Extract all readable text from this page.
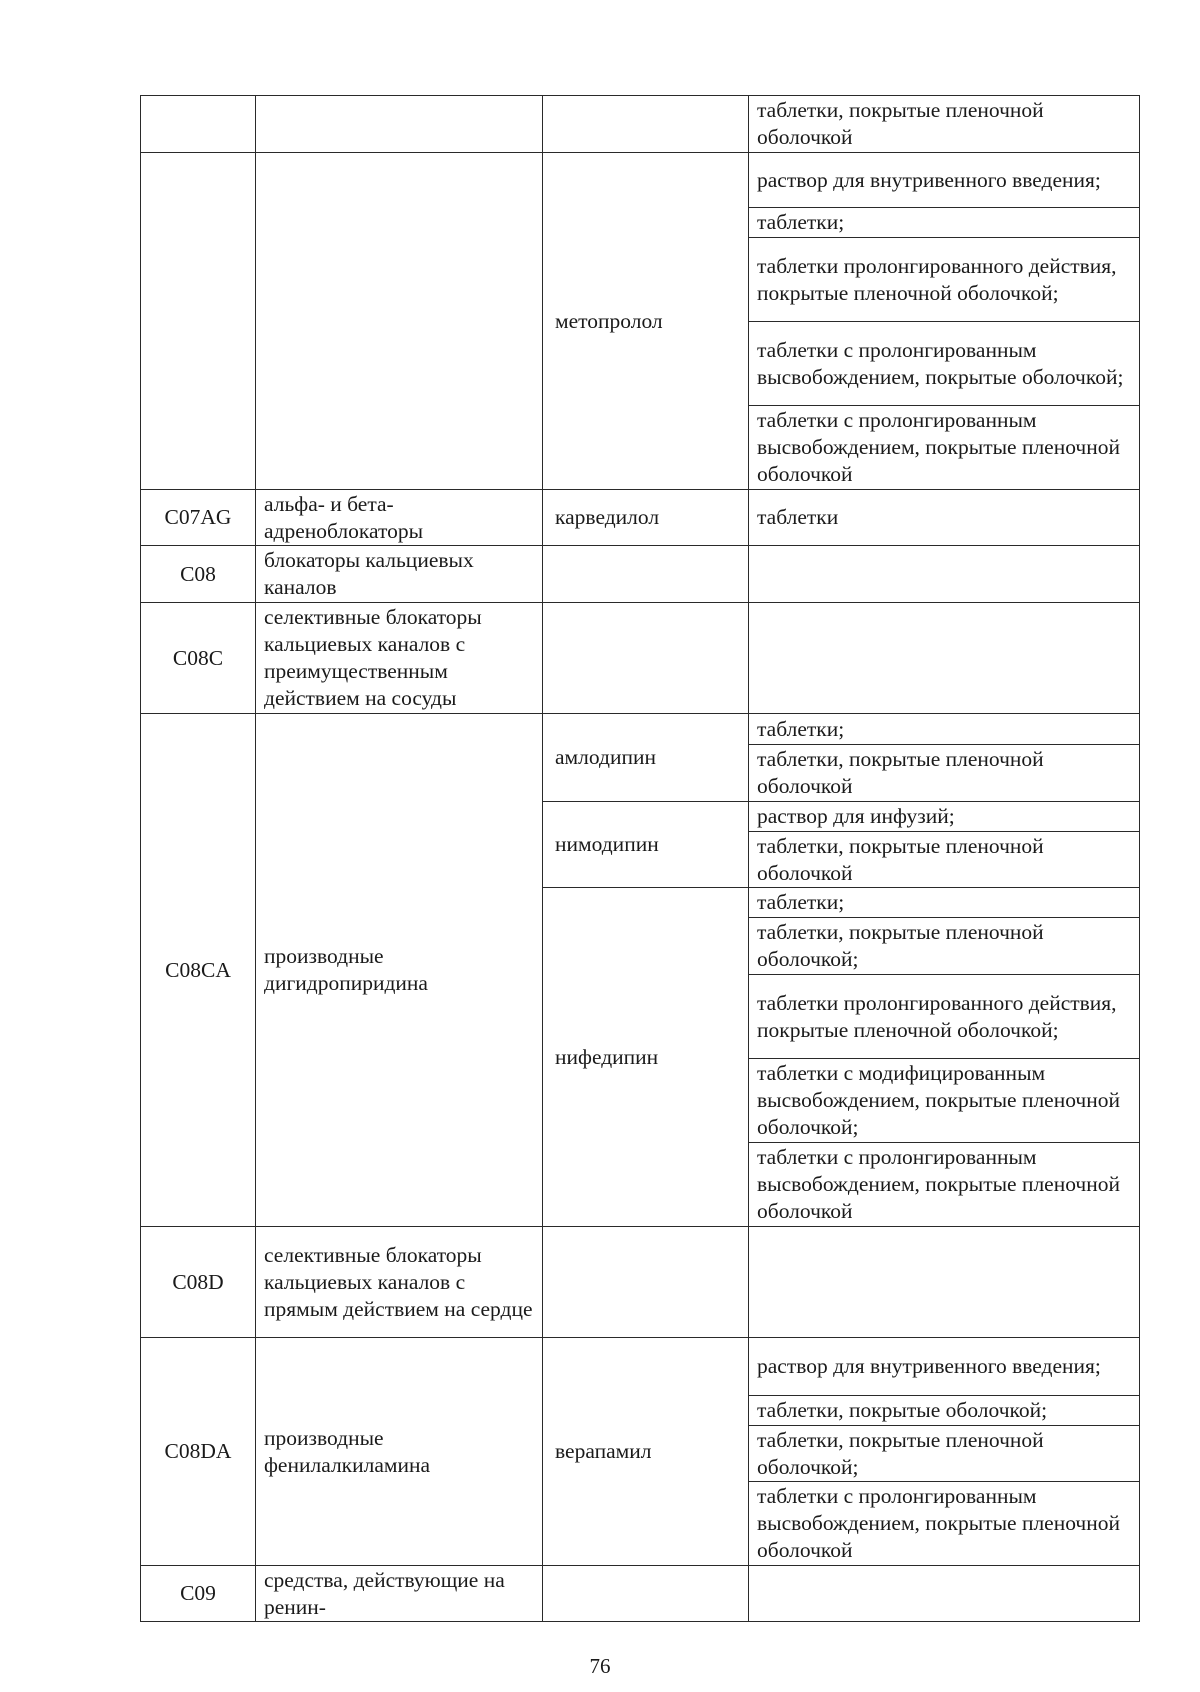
			таблетки, покрытые пленочной оболочкой
		метопролол	раствор для внутривенного введения;
			таблетки;
			таблетки пролонгированного действия, покрытые пленочной оболочкой;
			таблетки с пролонгированным высвобождением, покрытые оболочкой;
			таблетки с пролонгированным высвобождением, покрытые пленочной оболочкой
C07AG	альфа- и бета-адреноблокаторы	карведилол	таблетки
C08	блокаторы кальциевых каналов		
C08C	селективные блокаторы кальциевых каналов с преимущественным действием на сосуды		
C08CA	производные дигидропиридина	амлодипин	таблетки;
			таблетки, покрытые пленочной оболочкой
		нимодипин	раствор для инфузий;
			таблетки, покрытые пленочной оболочкой
		нифедипин	таблетки;
			таблетки, покрытые пленочной оболочкой;
			таблетки пролонгированного действия, покрытые пленочной оболочкой;
			таблетки с модифицированным высвобождением, покрытые пленочной оболочкой;
			таблетки с пролонгированным высвобождением, покрытые пленочной оболочкой
C08D	селективные блокаторы кальциевых каналов с прямым действием на сердце		
C08DA	производные фенилалкиламина	верапамил	раствор для внутривенного введения;
			таблетки, покрытые оболочкой;
			таблетки, покрытые пленочной оболочкой;
			таблетки с пролонгированным высвобождением, покрытые пленочной оболочкой
C09	средства, действующие на ренин-		
76
